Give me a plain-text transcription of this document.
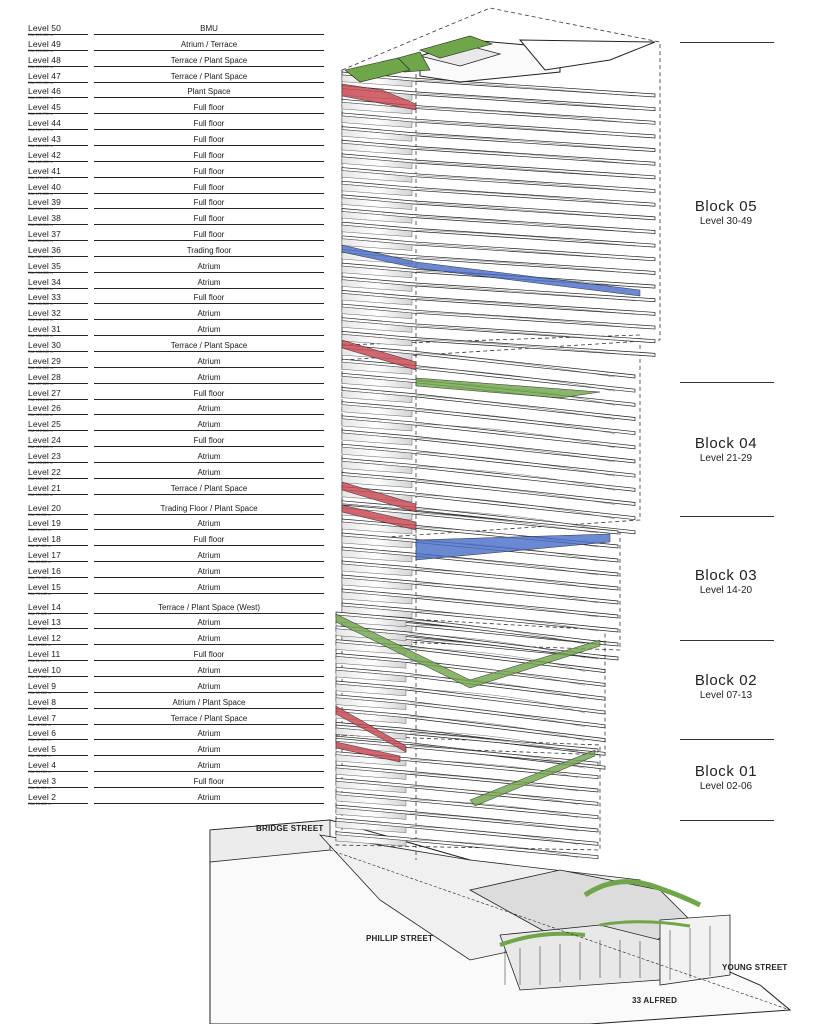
Level 50
RAL 210.450 m
BMU
Level 49
RAL 206.800 m
Atrium / Terrace
Level 48
RAL 203.250 m
Terrace / Plant Space
Level 47
RAL 199.430 m
Terrace / Plant Space
Level 46
RAL 195.610 m
Plant Space
Level 45
RAL 191.790 m
Full floor
Level 44
RAL 187.970 m
Full floor
Level 43
RAL 184.150 m
Full floor
Level 42
RAL 180.450 m
Full floor
Level 41
RAL 176.640 m
Full floor
Level 40
RAL 172.880 m
Full floor
Level 39
RAL 169.120 m
Full floor
Level 38
RAL 165.360 m
Full floor
Level 37
RAL 161.600 m
Full floor
Level 36
RAL 157.840 m
Trading floor
Level 35
RAL 154.080 m
Atrium
Level 34
RAL 150.320 m
Atrium
Level 33
RAL 146.560 m
Full floor
Level 32
RAL 142.800 m
Atrium
Level 31
RAL 138.900 m
Atrium
Level 30
RAL 135.140 m
Terrace / Plant Space
Level 29
RAL 131.380 m
Atrium
Level 28
RAL 127.620 m
Atrium
Level 27
RAL 123.860 m
Full floor
Level 26
RAL 120.100 m
Atrium
Level 25
RAL 116.340 m
Atrium
Level 24
RAL 112.580 m
Full floor
Level 23
RAL 108.820 m
Atrium
Level 22
RAL 105.060 m
Atrium
Level 21
RAL 101.300 m
Terrace / Plant Space
Level 20
RAL 95.050 m
Trading Floor / Plant Space
Level 19
RAL 91.180 m
Atrium
Level 18
RAL 87.420 m
Full floor
Level 17
RAL 83.660 m
Atrium
Level 16
RAL 79.900 m
Atrium
Level 15
RAL 76.140 m
Atrium
Level 14
RAL 72.380 m
Terrace / Plant Space (West)
Level 13
RAL 68.620 m
Atrium
Level 12
RAL 64.860 m
Atrium
Level 11
RAL 61.100 m
Full floor
Level 10
RAL 57.340 m
Atrium
Level 9
RAL 53.580 m
Atrium
Level 8
RAL 49.820 m
Atrium / Plant Space
Level 7
RAL 46.060 m
Terrace / Plant Space
Level 6
RAL 42.300 m
Atrium
Level 5
RAL 38.540 m
Atrium
Level 4
RAL 34.780 m
Atrium
Level 3
RAL 31.020 m
Full floor
Level 2
RAL 26.660 m
Atrium
Block 05
Level 30-49
Block 04
Level 21-29
Block 03
Level 14-20
Block 02
Level 07-13
Block 01
Level 02-06
BRIDGE STREET
PHILLIP STREET
YOUNG STREET
33 ALFRED
